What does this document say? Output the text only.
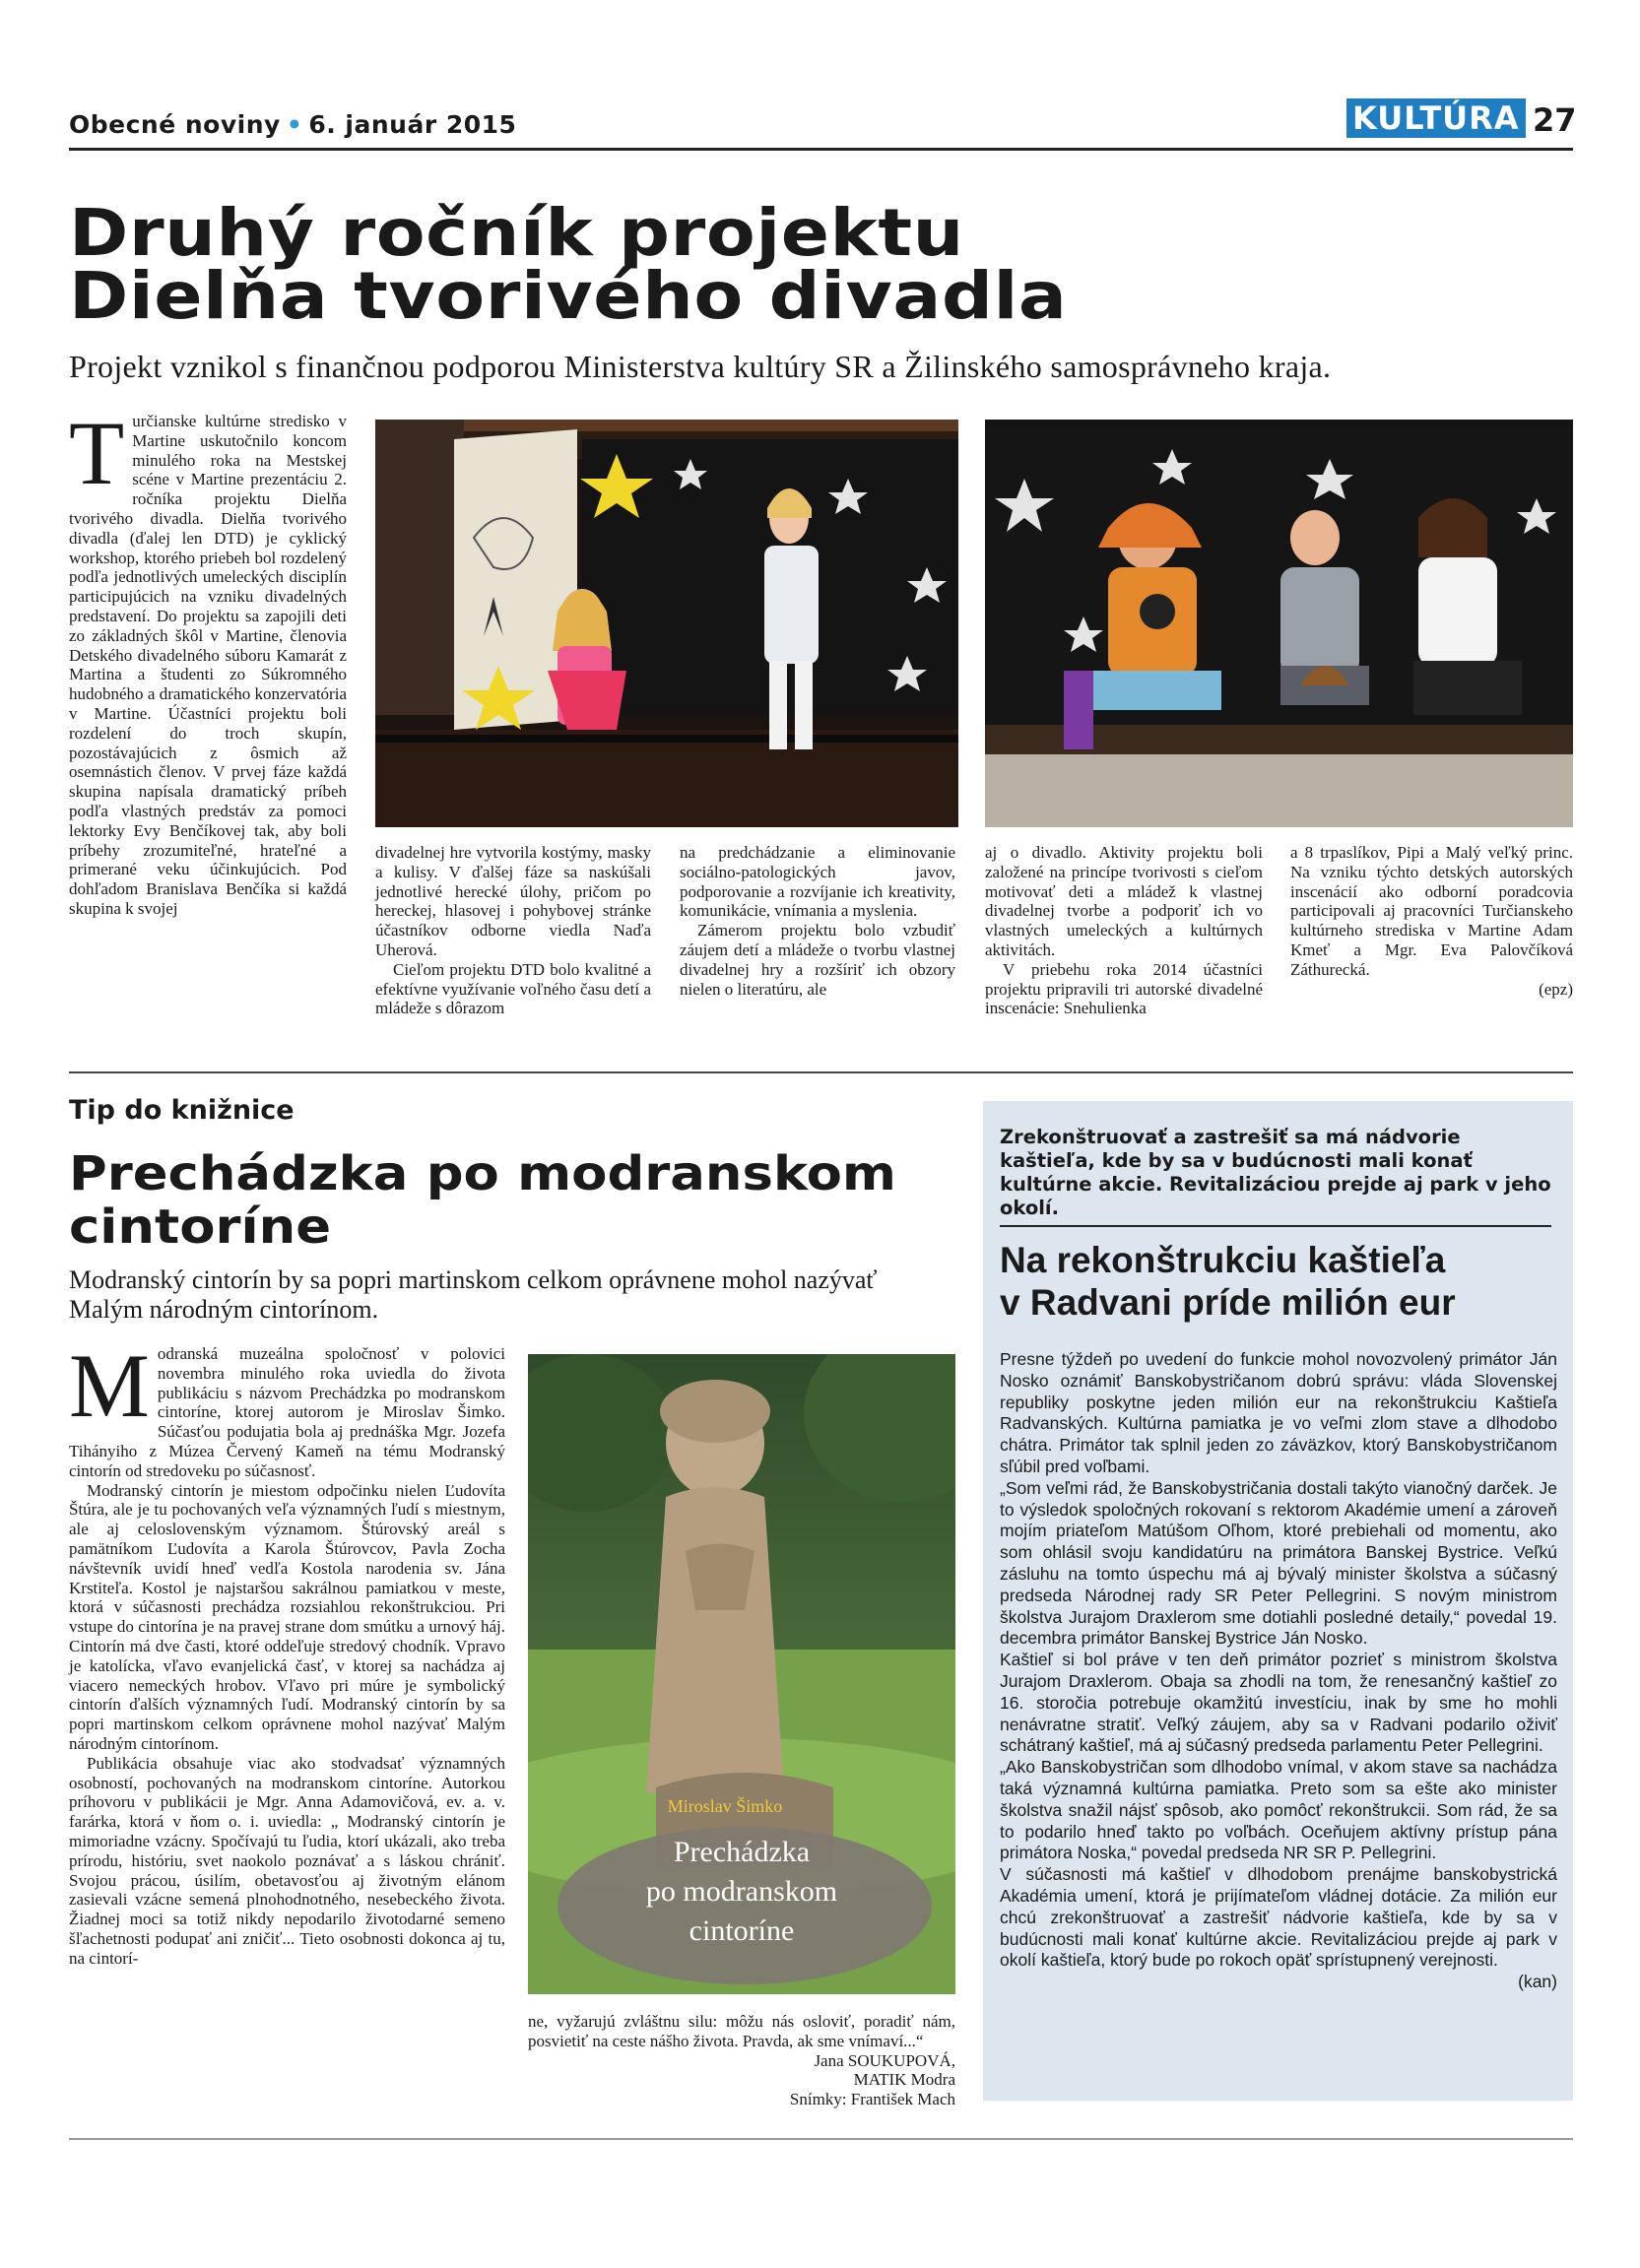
Obecné noviny • 6. január 2015	KULTÚRA 27
Druhý ročník projektu
Dielňa tvorivého divadla
Projekt vznikol s finančnou podporou Ministerstva kultúry SR a Žilinského samosprávneho kraja.
T určianske kultúrne stredisko v Martine uskutočnilo koncom minulého roka na Mestskej scéne v Martine prezentáciu 2. ročníka projektu Dielňa tvorivého divadla. Dielňa tvorivého divadla (ďalej len DTD) je cyklický workshop, ktorého priebeh bol rozdelený podľa jednotlivých umeleckých disciplín participujúcich na vzniku divadelných predstavení. Do projektu sa zapojili deti zo základných škôl v Martine, členovia Detského divadelného súboru Kamarát z Martina a študenti zo Súkromného hudobného a dramatického konzervatória v Martine. Účastníci projektu boli rozdelení do troch skupín, pozostávajúcich z ôsmich až osemnástich členov. V prvej fáze každá skupina napísala dramatický príbeh podľa vlastných predstáv za pomoci lektorky Evy Benčíkovej tak, aby boli príbehy zrozumiteľné, hrateľné a primerané veku účinkujúcich. Pod dohľadom Branislava Benčíka si každá skupina k svojej

divadelnej hre vytvorila kostýmy, masky a kulisy. V ďalšej fáze sa naskúšali jednotlivé herecké úlohy, pričom po hereckej, hlasovej i pohybovej stránke účastníkov odborne viedla Naďa Uherová.

Cieľom projektu DTD bolo kvalitné a efektívne využívanie voľného času detí a mládeže s dôrazom

na predchádzanie a eliminovanie sociálno-patologických javov, podporovanie a rozvíjanie ich kreativity, komunikácie, vnímania a myslenia.

Zámerom projektu bolo vzbudiť záujem detí a mládeže o tvorbu vlastnej divadelnej hry a rozšíriť ich obzory nielen o literatúru, ale

aj o divadlo. Aktivity projektu boli založené na princípe tvorivosti s cieľom motivovať deti a mládež k vlastnej divadelnej tvorbe a podporiť ich vo vlastných umeleckých a kultúrnych aktivitách.

V priebehu roka 2014 účastníci projektu pripravili tri autorské divadelné inscenácie: Snehulienka

a 8 trpaslíkov, Pipi a Malý veľký princ. Na vzniku týchto detských autorských inscenácií ako odborní poradcovia participovali aj pracovníci Turčianskeho kultúrneho strediska v Martine Adam Kmeť a Mgr. Eva Palovčíková Záthurecká.

(epz)

Tip do knižnice
Prechádzka po modranskom
cintoríne
Modranský cintorín by sa popri martinskom celkom oprávnene mohol nazývať Malým národným cintorínom.
M odranská muzeálna spoločnosť v polovici novembra minulého roka uviedla do života publikáciu s názvom Prechádzka po modranskom cintoríne, ktorej autorom je Miroslav Šimko. Súčasťou podujatia bola aj prednáška Mgr. Jozefa Tihányiho z Múzea Červený Kameň na tému Modranský cintorín od stredoveku po súčasnosť.

Modranský cintorín je miestom odpočinku nielen Ľudovíta Štúra, ale je tu pochovaných veľa významných ľudí s miestnym, ale aj celoslovenským významom. Štúrovský areál s pamätníkom Ľudovíta a Karola Štúrovcov, Pavla Zocha návštevník uvidí hneď vedľa Kostola narodenia sv. Jána Krstiteľa. Kostol je najstaršou sakrálnou pamiatkou v meste, ktorá v súčasnosti prechádza rozsiahlou rekonštrukciou. Pri vstupe do cintorína je na pravej strane dom smútku a urnový háj. Cintorín má dve časti, ktoré oddeľuje stredový chodník. Vpravo je katolícka, vľavo evanjelická časť, v ktorej sa nachádza aj viacero nemeckých hrobov. Vľavo pri múre je symbolický cintorín ďalších významných ľudí. Modranský cintorín by sa popri martinskom celkom oprávnene mohol nazývať Malým národným cintorínom.

Publikácia obsahuje viac ako stodvadsať významných osobností, pochovaných na modranskom cintoríne. Autorkou príhovoru v publikácii je Mgr. Anna Adamovičová, ev. a. v. farárka, ktorá v ňom o. i. uviedla: „ Modranský cintorín je mimoriadne vzácny. Spočívajú tu ľudia, ktorí ukázali, ako treba prírodu, históriu, svet naokolo poznávať a s láskou chrániť. Svojou prácou, úsilím, obetavosťou aj životným elánom zasievali vzácne semená plnohodnotného, nesebeckého života. Žiadnej moci sa totiž nikdy nepodarilo životodarné semeno šľachetnosti podupať ani zničiť... Tieto osobnosti dokonca aj tu, na cintorí-

Miroslav Šimko
Prechádzka
po modranskom
cintoríne

ne, vyžarujú zvláštnu silu: môžu nás osloviť, poradiť nám, posvietiť na ceste nášho života. Pravda, ak sme vnímaví...“

Jana SOUKUPOVÁ,

MATIK Modra

Snímky: František Mach

Zrekonštruovať a zastrešiť sa má nádvorie kaštieľa, kde by sa v budúcnosti mali konať kultúrne akcie. Revitalizáciou prejde aj park v jeho okolí.
Na rekonštrukciu kaštieľa
v Radvani príde milión eur

Presne týždeň po uvedení do funkcie mohol novozvolený primátor Ján Nosko oznámiť Banskobystričanom dobrú správu: vláda Slovenskej republiky poskytne jeden milión eur na rekonštrukciu Kaštieľa Radvanských. Kultúrna pamiatka je vo veľmi zlom stave a dlhodobo chátra. Primátor tak splnil jeden zo záväzkov, ktorý Banskobystričanom sľúbil pred voľbami.

„Som veľmi rád, že Banskobystričania dostali takýto vianočný darček. Je to výsledok spoločných rokovaní s rektorom Akadémie umení a zároveň mojím priateľom Matúšom Oľhom, ktoré prebiehali od momentu, ako som ohlásil svoju kandidatúru na primátora Banskej Bystrice. Veľkú zásluhu na tomto úspechu má aj bývalý minister školstva a súčasný predseda Národnej rady SR Peter Pellegrini. S novým ministrom školstva Jurajom Draxlerom sme dotiahli posledné detaily,“ povedal 19. decembra primátor Banskej Bystrice Ján Nosko.

Kaštieľ si bol práve v ten deň primátor pozrieť s ministrom školstva Jurajom Draxlerom. Obaja sa zhodli na tom, že renesančný kaštieľ zo 16. storočia potrebuje okamžitú investíciu, inak by sme ho mohli nenávratne stratiť. Veľký záujem, aby sa v Radvani podarilo oživiť schátraný kaštieľ, má aj súčasný predseda parlamentu Peter Pellegrini.

„Ako Banskobystričan som dlhodobo vnímal, v akom stave sa nachádza taká významná kultúrna pamiatka. Preto som sa ešte ako minister školstva snažil nájsť spôsob, ako pomôcť rekonštrukcii. Som rád, že sa to podarilo hneď takto po voľbách. Oceňujem aktívny prístup pána primátora Noska,“ povedal predseda NR SR P. Pellegrini.

V súčasnosti má kaštieľ v dlhodobom prenájme banskobystrická Akadémia umení, ktorá je prijímateľom vládnej dotácie. Za milión eur chcú zrekonštruovať a zastrešiť nádvorie kaštieľa, kde by sa v budúcnosti mali konať kultúrne akcie. Revitalizáciou prejde aj park v okolí kaštieľa, ktorý bude po rokoch opäť sprístupnený verejnosti.

(kan)
